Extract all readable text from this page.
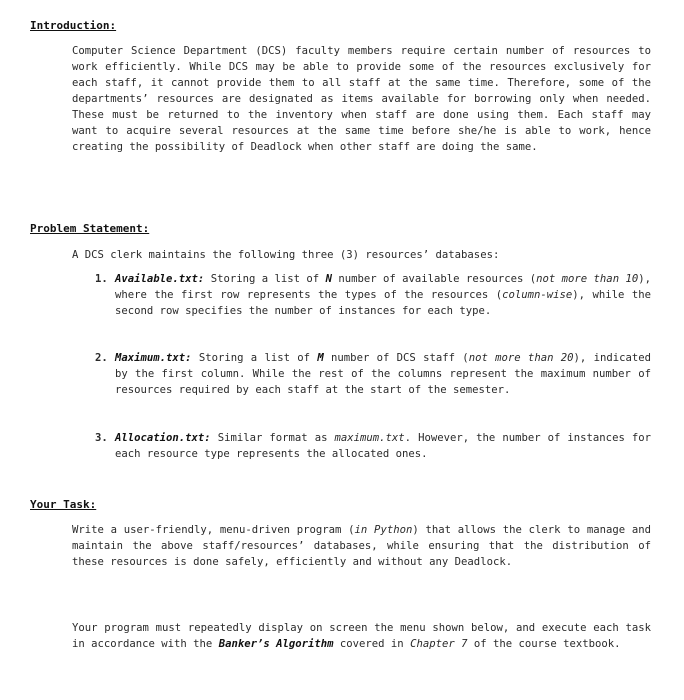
Introduction:

Computer Science Department (DCS) faculty members require certain number of resources to work efficiently. While DCS may be able to provide some of the resources exclusively for each staff, it cannot provide them to all staff at the same time. Therefore, some of the departments’ resources are designated as items available for borrowing only when needed. These must be returned to the inventory when staff are done using them. Each staff may want to acquire several resources at the same time before she/he is able to work, hence creating the possibility of Deadlock when other staff are doing the same.

Problem Statement:

A DCS clerk maintains the following three (3) resources’ databases:

1. Available.txt: Storing a list of N number of available resources (not more than 10), where the first row represents the types of the resources (column-wise), while the second row specifies the number of instances for each type.
2. Maximum.txt: Storing a list of M number of DCS staff (not more than 20), indicated by the first column. While the rest of the columns represent the maximum number of resources required by each staff at the start of the semester.
3. Allocation.txt: Similar format as maximum.txt. However, the number of instances for each resource type represents the allocated ones.
Your Task:

Write a user-friendly, menu-driven program (in Python) that allows the clerk to manage and maintain the above staff/resources’ databases, while ensuring that the distribution of these resources is done safely, efficiently and without any Deadlock.

Your program must repeatedly display on screen the menu shown below, and execute each task in accordance with the Banker’s Algorithm covered in Chapter 7 of the course textbook.
